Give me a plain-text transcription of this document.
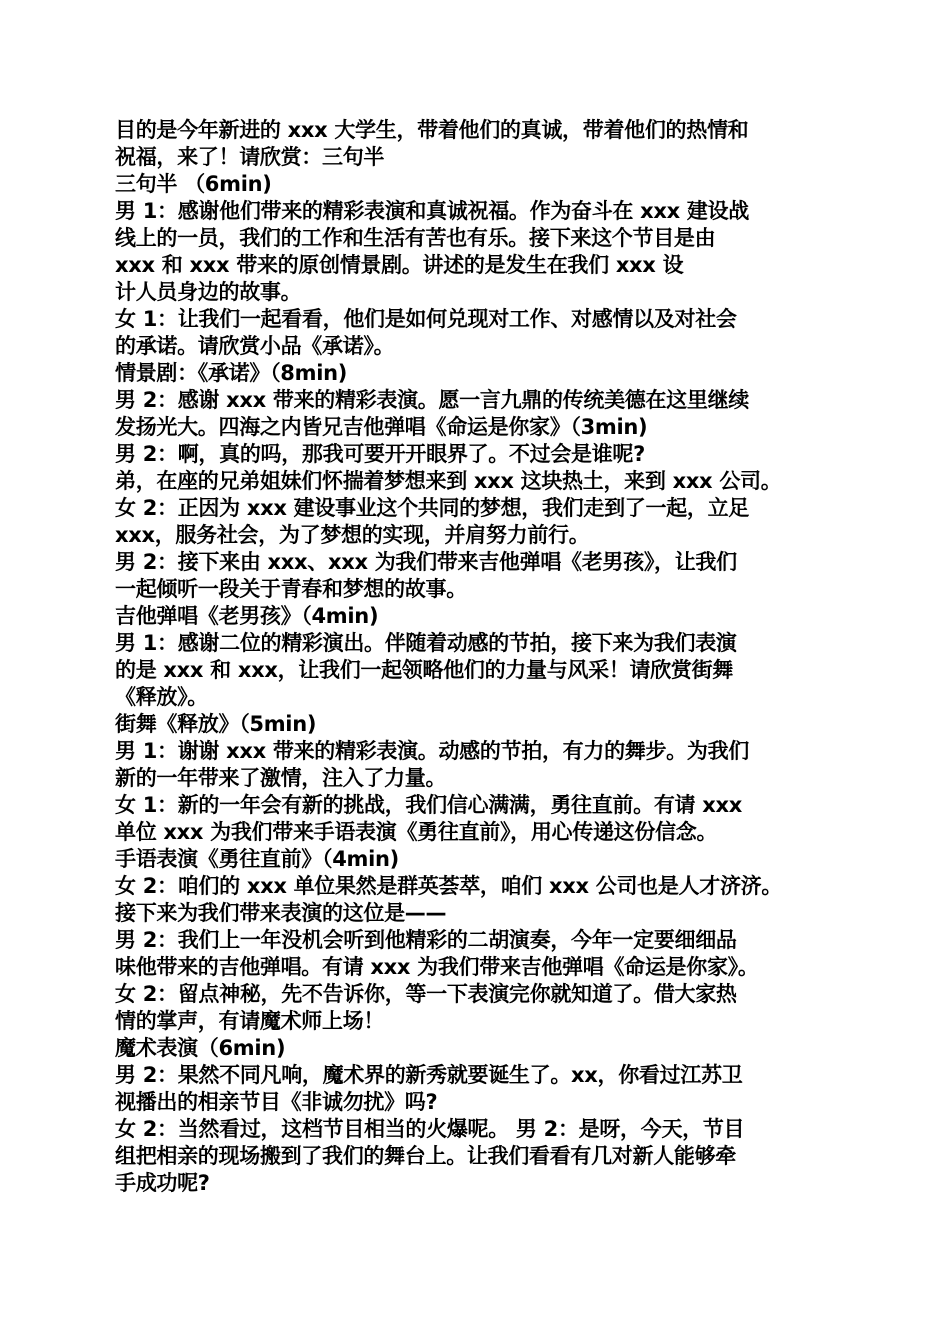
目的是今年新进的 xxx 大学生，带着他们的真诚，带着他们的热情和
祝福，来了！请欣赏：三句半
三句半 （6min)
男 1：感谢他们带来的精彩表演和真诚祝福。作为奋斗在 xxx 建设战
线上的一员，我们的工作和生活有苦也有乐。接下来这个节目是由
xxx 和 xxx 带来的原创情景剧。讲述的是发生在我们 xxx 设
计人员身边的故事。
女 1：让我们一起看看，他们是如何兑现对工作、对感情以及对社会
的承诺。请欣赏小品《承诺》。
情景剧：《承诺》（8min)
男 2：感谢 xxx 带来的精彩表演。愿一言九鼎的传统美德在这里继续
发扬光大。四海之内皆兄吉他弹唱《命运是你家》（3min)
男 2：啊，真的吗，那我可要开开眼界了。不过会是谁呢?
弟，在座的兄弟姐妹们怀揣着梦想来到 xxx 这块热土，来到 xxx 公司。
女 2：正因为 xxx 建设事业这个共同的梦想，我们走到了一起，立足
xxx，服务社会，为了梦想的实现，并肩努力前行。
男 2：接下来由 xxx、xxx 为我们带来吉他弹唱《老男孩》，让我们
一起倾听一段关于青春和梦想的故事。
吉他弹唱《老男孩》（4min)
男 1：感谢二位的精彩演出。伴随着动感的节拍，接下来为我们表演
的是 xxx 和 xxx，让我们一起领略他们的力量与风采！请欣赏街舞
《释放》。
街舞《释放》（5min)
男 1：谢谢 xxx 带来的精彩表演。动感的节拍，有力的舞步。为我们
新的一年带来了激情，注入了力量。
女 1：新的一年会有新的挑战，我们信心满满，勇往直前。有请 xxx
单位 xxx 为我们带来手语表演《勇往直前》，用心传递这份信念。
手语表演《勇往直前》（4min)
女 2：咱们的 xxx 单位果然是群英荟萃，咱们 xxx 公司也是人才济济。
接下来为我们带来表演的这位是——
男 2：我们上一年没机会听到他精彩的二胡演奏，今年一定要细细品
味他带来的吉他弹唱。有请 xxx 为我们带来吉他弹唱《命运是你家》。
女 2：留点神秘，先不告诉你，等一下表演完你就知道了。借大家热
情的掌声，有请魔术师上场！
魔术表演（6min)
男 2：果然不同凡响，魔术界的新秀就要诞生了。xx，你看过江苏卫
视播出的相亲节目《非诚勿扰》吗?
女 2：当然看过，这档节目相当的火爆呢。 男 2：是呀，今天，节目
组把相亲的现场搬到了我们的舞台上。让我们看看有几对新人能够牵
手成功呢?
